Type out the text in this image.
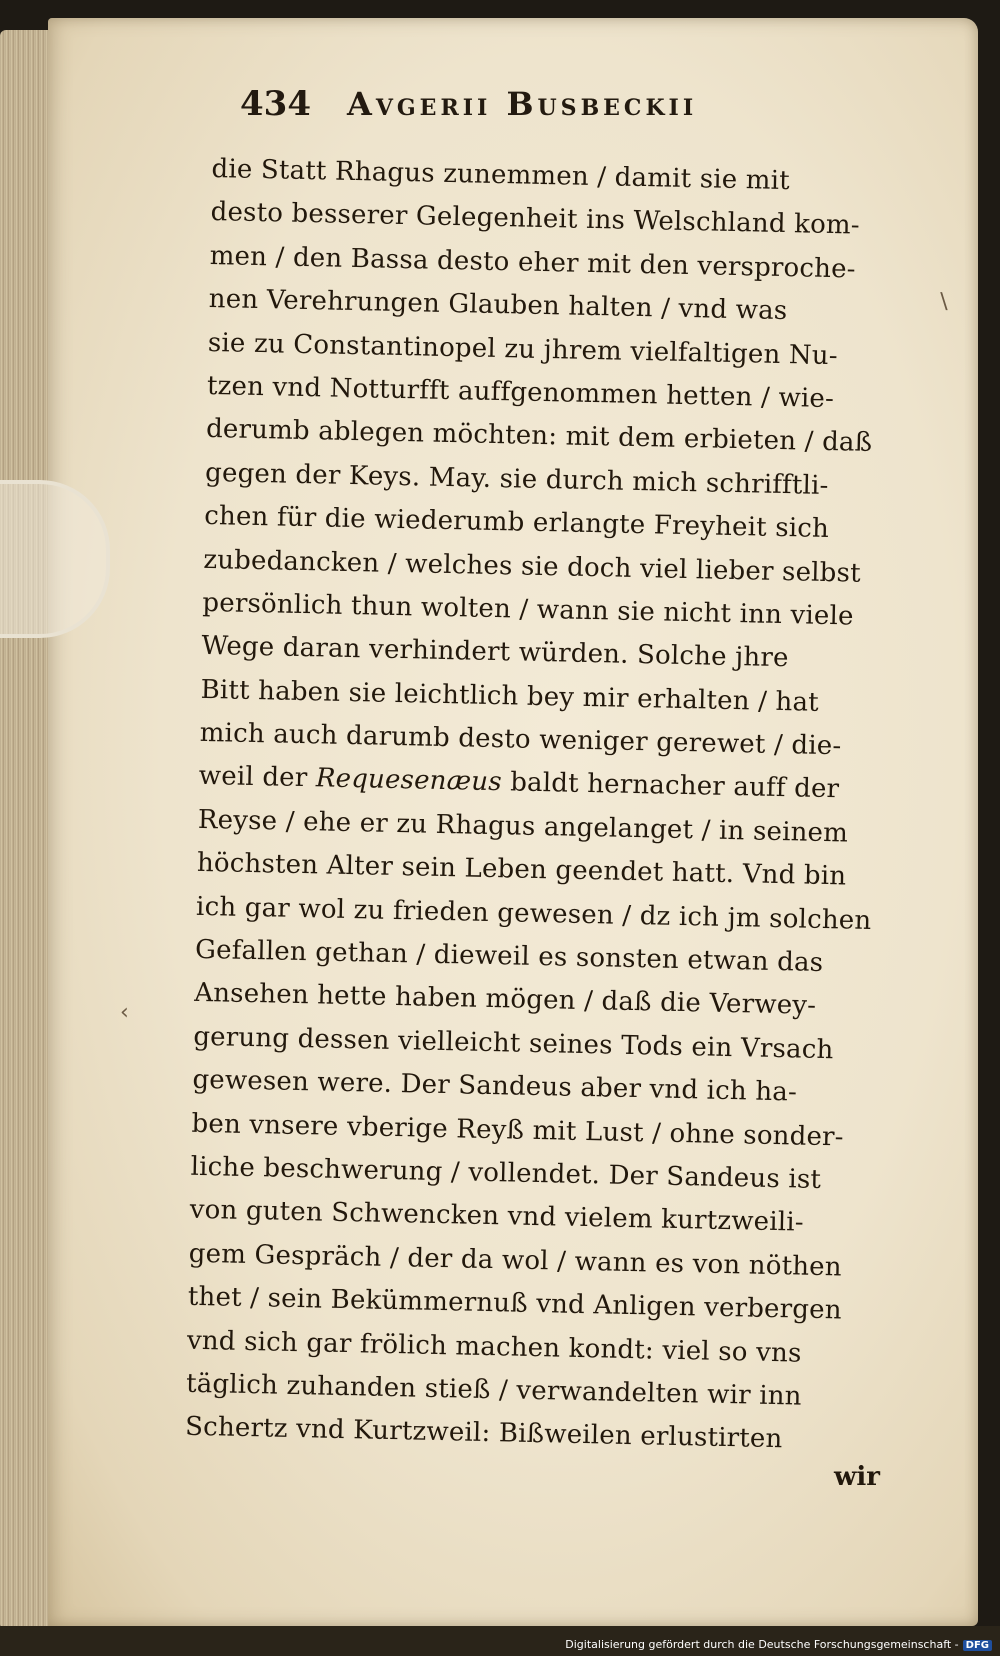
434 Avgerii Busbeckii
die Statt Rhagus zunemmen / damit sie mit
desto besserer Gelegenheit ins Welschland kom-
men / den Bassa desto eher mit den versproche-
nen Verehrungen Glauben halten / vnd was
sie zu Constantinopel zu jhrem vielfaltigen Nu-
tzen vnd Notturfft auffgenommen hetten / wie-
derumb ablegen möchten: mit dem erbieten / daß
gegen der Keys. May. sie durch mich schrifftli-
chen für die wiederumb erlangte Freyheit sich
zubedancken / welches sie doch viel lieber selbst
persönlich thun wolten / wann sie nicht inn viele
Wege daran verhindert würden. Solche jhre
Bitt haben sie leichtlich bey mir erhalten / hat
mich auch darumb desto weniger gerewet / die-
weil der Requesenæus baldt hernacher auff der
Reyse / ehe er zu Rhagus angelanget / in seinem
höchsten Alter sein Leben geendet hatt. Vnd bin
ich gar wol zu frieden gewesen / dz ich jm solchen
Gefallen gethan / dieweil es sonsten etwan das
Ansehen hette haben mögen / daß die Verwey-
gerung dessen vielleicht seines Tods ein Vrsach
gewesen were. Der Sandeus aber vnd ich ha-
ben vnsere vberige Reyß mit Lust / ohne sonder-
liche beschwerung / vollendet. Der Sandeus ist
von guten Schwencken vnd vielem kurtzweili-
gem Gespräch / der da wol / wann es von nöthen
thet / sein Bekümmernuß vnd Anligen verbergen
vnd sich gar frölich machen kondt: viel so vns
täglich zuhanden stieß / verwandelten wir inn
Schertz vnd Kurtzweil: Bißweilen erlustirten
wir
‹
∖
Digitalisierung gefördert durch die Deutsche Forschungsgemeinschaft - DFG
